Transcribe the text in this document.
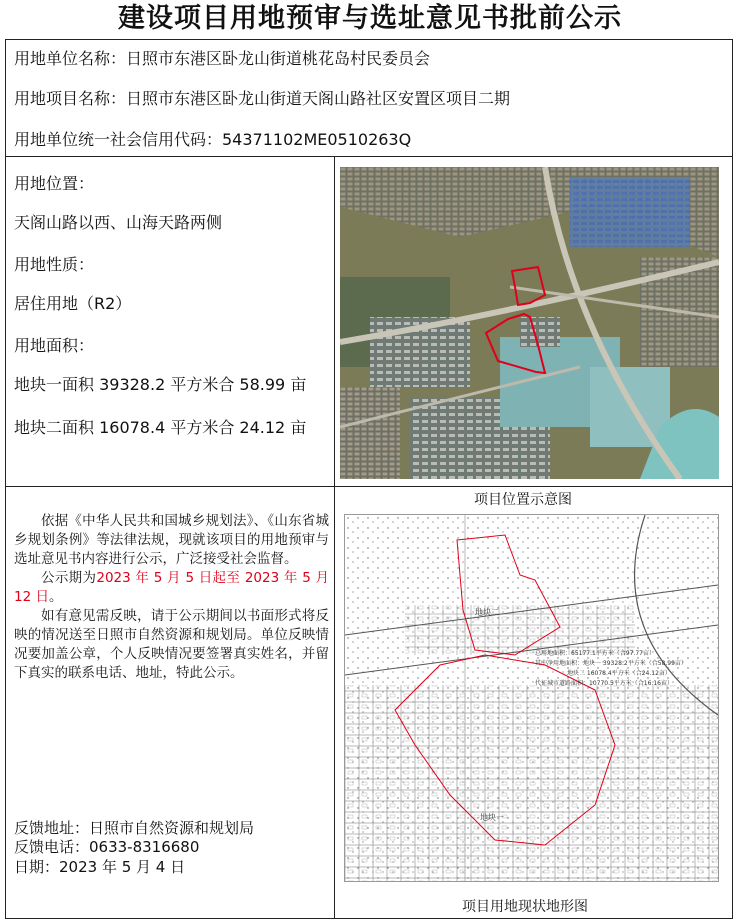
建设项目用地预审与选址意见书批前公示
用地单位名称：日照市东港区卧龙山街道桃花岛村民委员会
用地项目名称：日照市东港区卧龙山街道天阁山路社区安置区项目二期
用地单位统一社会信用代码：54371102ME0510263Q
用地位置：
天阁山路以西、山海天路两侧
用地性质：
居住用地（R2）
用地面积：
地块一面积 39328.2 平方米合 58.99 亩
地块二面积 16078.4 平方米合 24.12 亩

依据《中华人民共和国城乡规划法》、《山东省城乡规划条例》等法律法规，现就该项目的用地预审与选址意见书内容进行公示，广泛接受社会监督。

公示期为2023 年 5 月 5 日起至 2023 年 5 月 12 日。

如有意见需反映，请于公示期间以书面形式将反映的情况送至日照市自然资源和规划局。单位反映情况要加盖公章，个人反映情况要签署真实姓名，并留下真实的联系电话、地址，特此公示。

反馈地址：日照市自然资源和规划局
反馈电话：0633-8316680
日期：2023 年 5 月 4 日
项目位置示意图
地块二
地块一
总用地面积：65177.1平方米（合97.77亩）
其中净用地面积：地块一 39328.2平方米（合58.99亩）
地块二 16078.4平方米（合24.12亩）
代征城市道路面积：10770.5平方米（合16.16亩）
项目用地现状地形图
